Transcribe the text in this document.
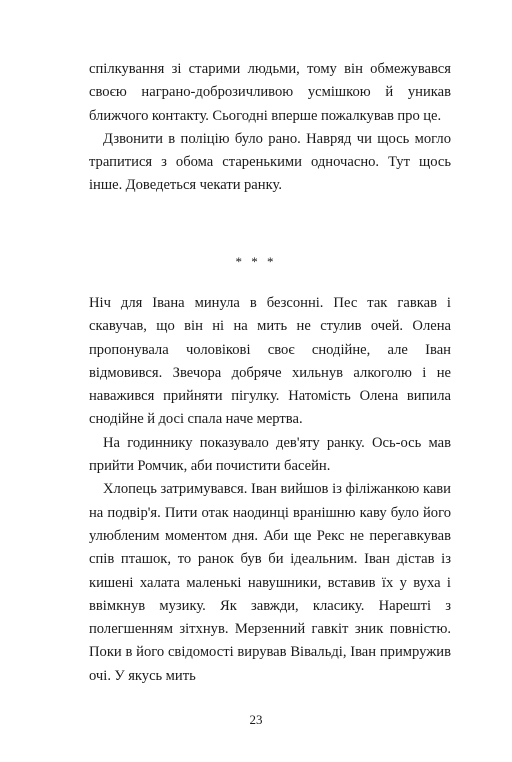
спілкування зі старими людьми, тому він обмежувався своєю награно-доброзичливою усмішкою й уникав ближчого контакту. Сьогодні вперше пожалкував про це.

Дзвонити в поліцію було рано. Навряд чи щось могло трапитися з обома старенькими одночасно. Тут щось інше. Доведеться чекати ранку.

* * *

Ніч для Івана минула в безсонні. Пес так гавкав і скавучав, що він ні на мить не стулив очей. Олена пропонувала чоловікові своє снодійне, але Іван відмовився. Звечора добряче хильнув алкоголю і не наважився прийняти пігулку. Натомість Олена випила снодійне й досі спала наче мертва.

На годиннику показувало дев'яту ранку. Ось-ось мав прийти Ромчик, аби почистити басейн.

Хлопець затримувався. Іван вийшов із філіжанкою кави на подвір'я. Пити отак наодинці вранішню каву було його улюбленим моментом дня. Аби ще Рекс не перегавкував спів пташок, то ранок був би ідеальним. Іван дістав із кишені халата маленькі навушники, вставив їх у вуха і ввімкнув музику. Як завжди, класику. Нарешті з полегшенням зітхнув. Мерзенний гавкіт зник повністю. Поки в його свідомості вирував Вівальді, Іван примружив очі. У якусь мить

23
